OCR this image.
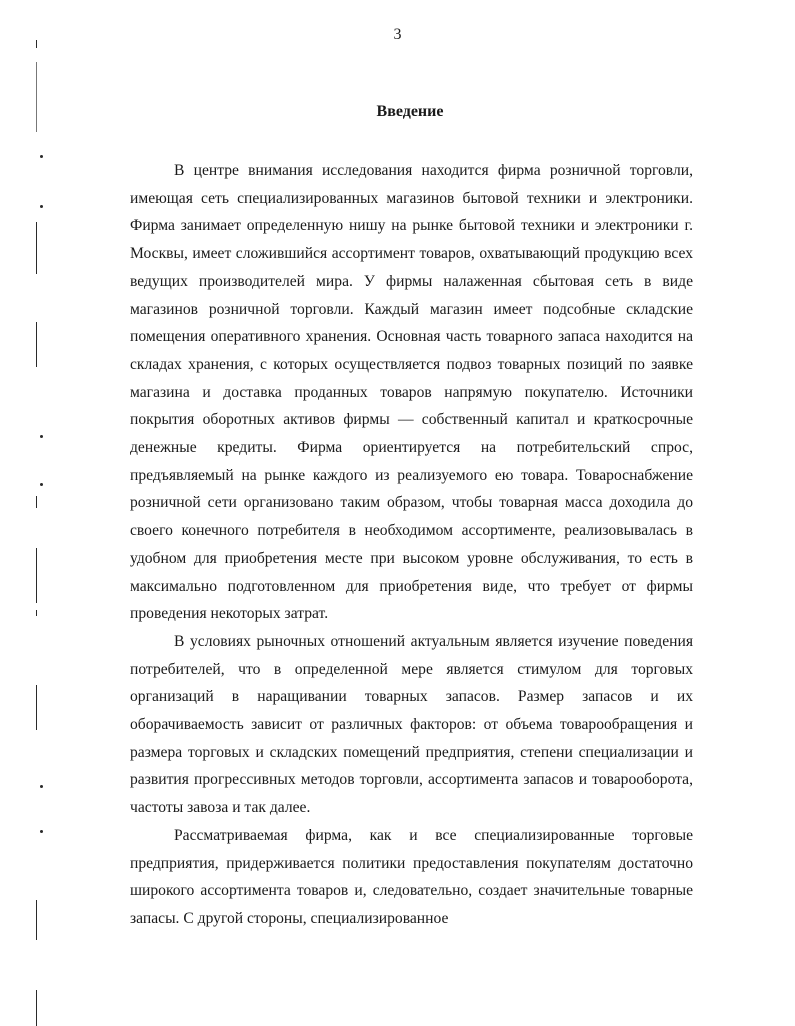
3
Введение

В центре внимания исследования находится фирма розничной торговли, имеющая сеть специализированных магазинов бытовой техники и электроники. Фирма занимает определенную нишу на рынке бытовой техники и электроники г. Москвы, имеет сложившийся ассортимент товаров, охватывающий продукцию всех ведущих производителей мира. У фирмы налаженная сбытовая сеть в виде магазинов розничной торговли. Каждый магазин имеет подсобные складские помещения оперативного хранения. Основная часть товарного запаса находится на складах хранения, с которых осуществляется подвоз товарных позиций по заявке магазина и доставка проданных товаров напрямую покупателю. Источники покрытия оборотных активов фирмы — собственный капитал и краткосрочные денежные кредиты. Фирма ориентируется на потребительский спрос, предъявляемый на рынке каждого из реализуемого ею товара. Товароснабжение розничной сети организовано таким образом, чтобы товарная масса доходила до своего конечного потребителя в необходимом ассортименте, реализовывалась в удобном для приобретения месте при высоком уровне обслуживания, то есть в максимально подготовленном для приобретения виде, что требует от фирмы проведения некоторых затрат.

В условиях рыночных отношений актуальным является изучение поведения потребителей, что в определенной мере является стимулом для торговых организаций в наращивании товарных запасов. Размер запасов и их оборачиваемость зависит от различных факторов: от объема товарообращения и размера торговых и складских помещений предприятия, степени специализации и развития прогрессивных методов торговли, ассортимента запасов и товарооборота, частоты завоза и так далее.

Рассматриваемая фирма, как и все специализированные торговые предприятия, придерживается политики предоставления покупателям достаточно широкого ассортимента товаров и, следовательно, создает значительные товарные запасы. С другой стороны, специализированное
